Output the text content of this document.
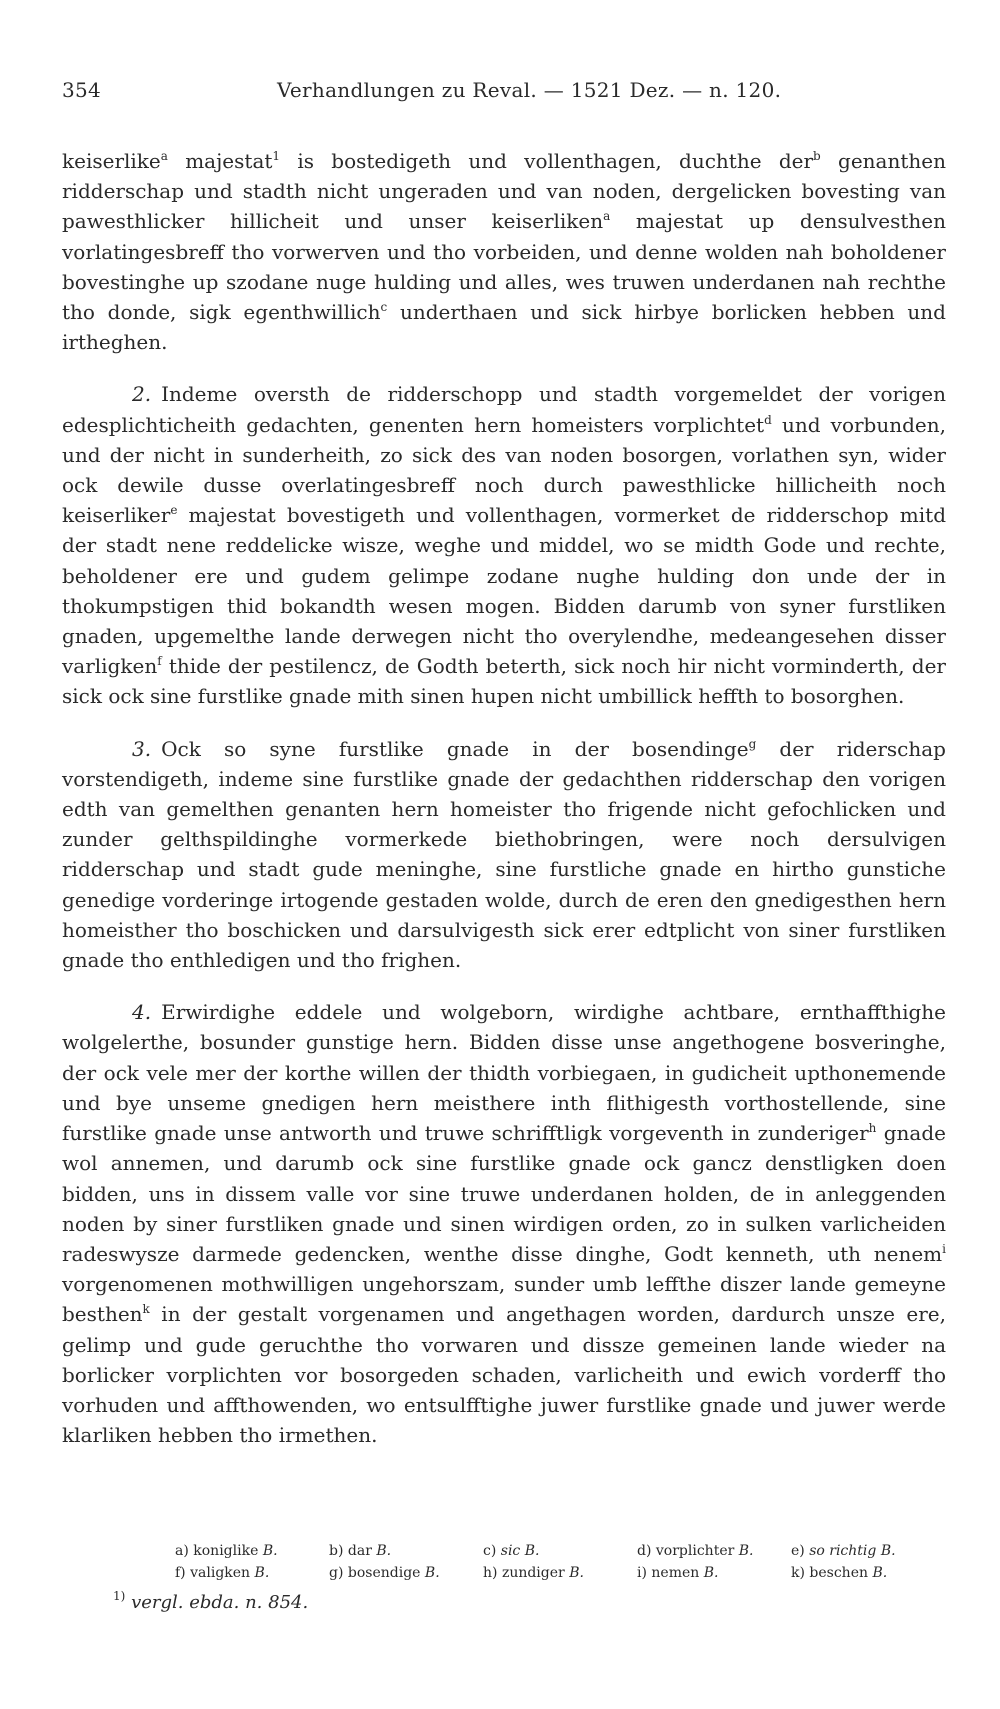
354	Verhandlungen zu Reval. — 1521 Dez. — n. 120.

keiserlike$^a$ majestat$^1$ is bostedigeth und vollenthagen, duchthe der$^b$ genanthen ridderschap und stadth nicht ungeraden und van noden, dergelicken bovesting van pawesthlicker hillicheit und unser keiserliken$^a$ majestat up densulvesthen vorlatingesbreff tho vorwerven und tho vorbeiden, und denne wolden nah boholdener bovestinghe up szodane nuge hulding und alles, wes truwen underdanen nah rechthe tho donde, sigk egenthwillich$^c$ underthaen und sick hirbye borlicken hebben und irtheghen.

2. Indeme oversth de ridderschopp und stadth vorgemeldet der vorigen edesplichticheith gedachten, genenten hern homeisters vorplichtet$^d$ und vorbunden, und der nicht in sunderheith, zo sick des van noden bosorgen, vorlathen syn, wider ock dewile dusse overlatingesbreff noch durch pawesthlicke hillicheith noch keiserliker$^e$ majestat bovestigeth und vollenthagen, vormerket de ridderschop mitd der stadt nene reddelicke wisze, weghe und middel, wo se midth Gode und rechte, beholdener ere und gudem gelimpe zodane nughe hulding don unde der in thokumpstigen thid bokandth wesen mogen. Bidden darumb von syner furstliken gnaden, upgemelthe lande derwegen nicht tho overylendhe, medeangesehen disser varligken$^f$ thide der pestilencz, de Godth beterth, sick noch hir nicht vorminderth, der sick ock sine furstlike gnade mith sinen hupen nicht umbillick heffth to bosorghen.

3. Ock so syne furstlike gnade in der bosendinge$^g$ der riderschap vorstendigeth, indeme sine furstlike gnade der gedachthen ridderschap den vorigen edth van gemelthen genanten hern homeister tho frigende nicht gefochlicken und zunder gelthspildinghe vormerkede biethobringen, were noch dersulvigen ridderschap und stadt gude meninghe, sine furstliche gnade en hirtho gunstiche genedige vorderinge irtogende gestaden wolde, durch de eren den gnedigesthen hern homeisther tho boschicken und darsulvigesth sick erer edtplicht von siner furstliken gnade tho enthledigen und tho frighen.

4. Erwirdighe eddele und wolgeborn, wirdighe achtbare, ernthaffthighe wolgelerthe, bosunder gunstige hern. Bidden disse unse angethogene bosveringhe, der ock vele mer der korthe willen der thidth vorbiegaen, in gudicheit upthonemende und bye unseme gnedigen hern meisthere inth flithigesth vorthostellende, sine furstlike gnade unse antworth und truwe schrifftligk vorgeventh in zunderiger$^h$ gnade wol annemen, und darumb ock sine furstlike gnade ock gancz denstligken doen bidden, uns in dissem valle vor sine truwe underdanen holden, de in anleggenden noden by siner furstliken gnade und sinen wirdigen orden, zo in sulken varlicheiden radeswysze darmede gedencken, wenthe disse dinghe, Godt kenneth, uth nenem$^i$ vorgenomenen mothwilligen ungehorszam, sunder umb leffthe diszer lande gemeyne besthen$^k$ in der gestalt vorgenamen und angethagen worden, dardurch unsze ere, gelimp und gude geruchthe tho vorwaren und dissze gemeinen lande wieder na borlicker vorplichten vor bosorgeden schaden, varlicheith und ewich vorderff tho vorhuden und affthowenden, wo entsulfftighe juwer furstlike gnade und juwer werde klarliken hebben tho irmethen.

a) koniglike B.	b) dar B.	c) sic B.	d) vorplichter B.	e) so richtig B.
f) valigken B.	g) bosendige B.	h) zundiger B.	i) nemen B.	k) beschen B.
$^{1)}$ vergl. ebda. n. 854.
